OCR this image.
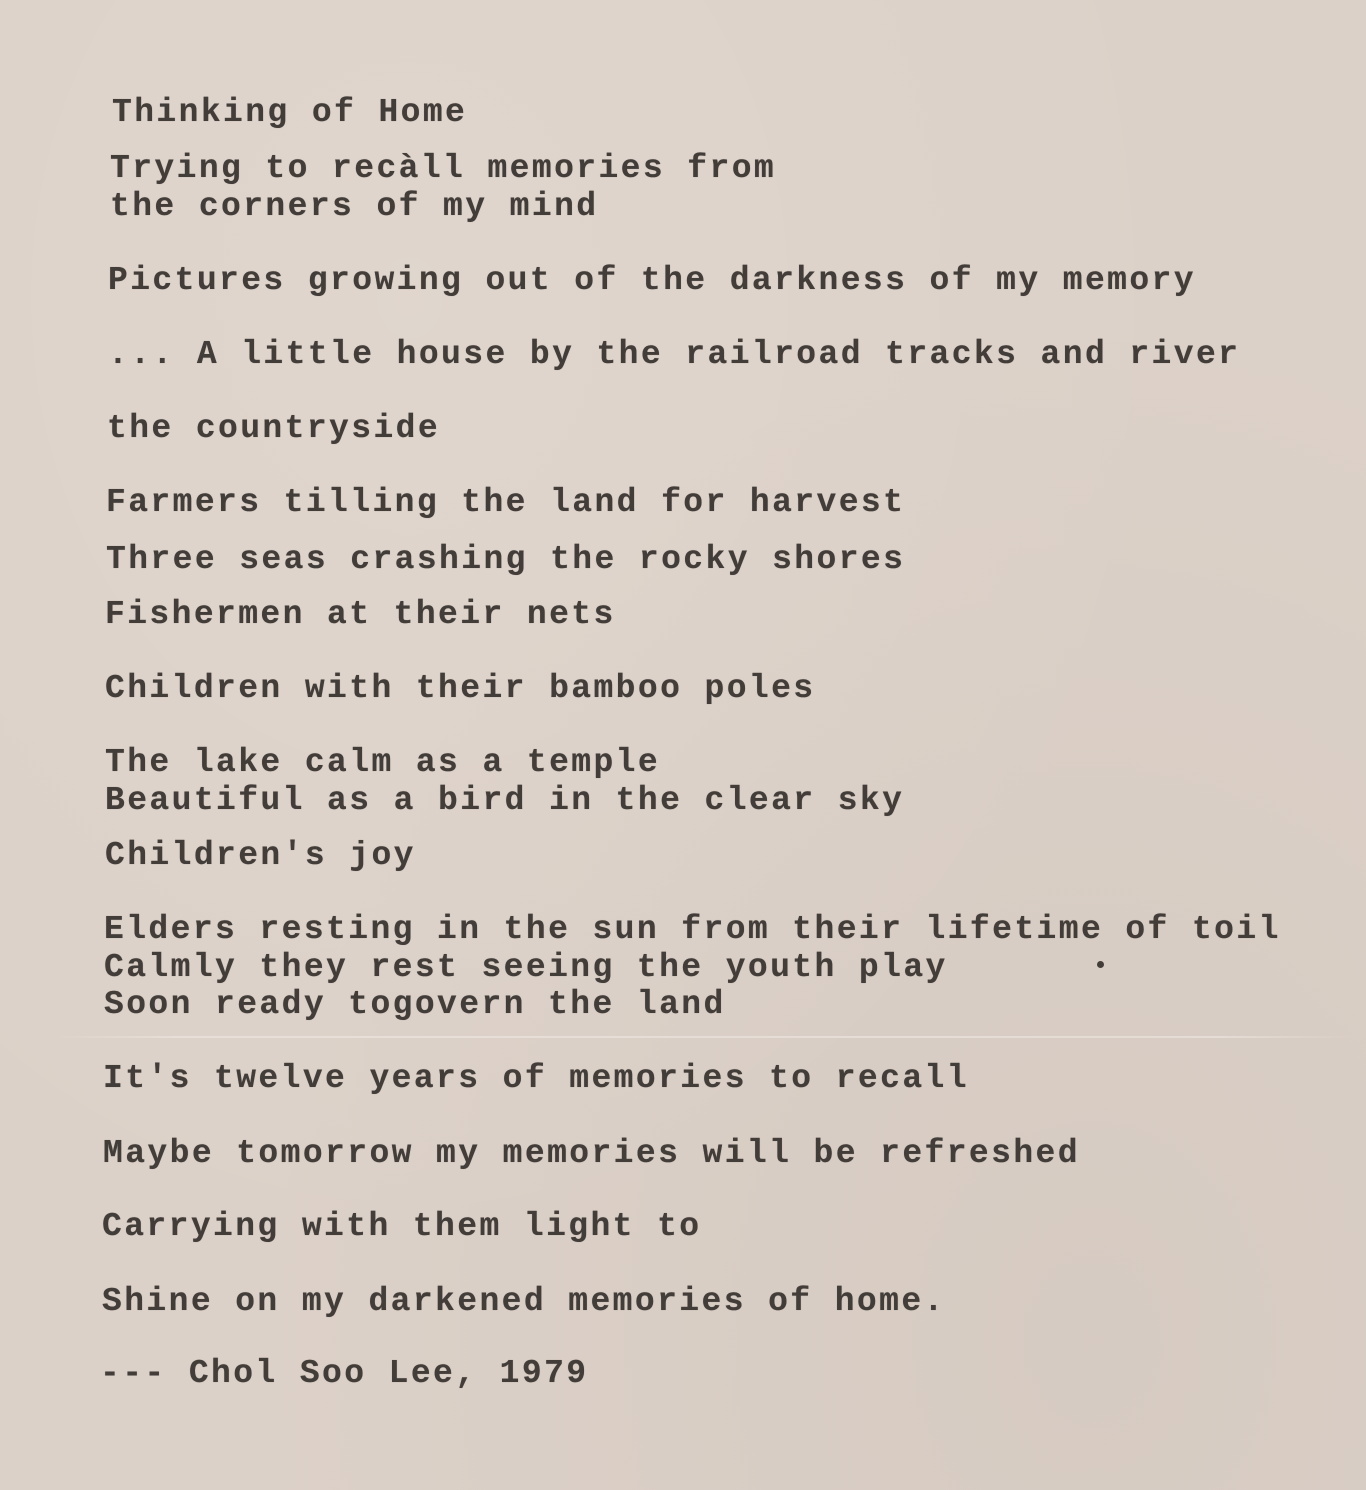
Thinking of Home
Trying to recàll memories from
the corners of my mind
Pictures growing out of the darkness of my memory
... A little house by the railroad tracks and river
the countryside
Farmers tilling the land for harvest
Three seas crashing the rocky shores
Fishermen at their nets
Children with their bamboo poles
The lake calm as a temple
Beautiful as a bird in the clear sky
Children's joy
Elders resting in the sun from their lifetime of toil
Calmly they rest seeing the youth play
Soon ready togovern the land
It's twelve years of memories to recall
Maybe tomorrow my memories will be refreshed
Carrying with them light to
Shine on my darkened memories of home.
--- Chol Soo Lee, 1979
